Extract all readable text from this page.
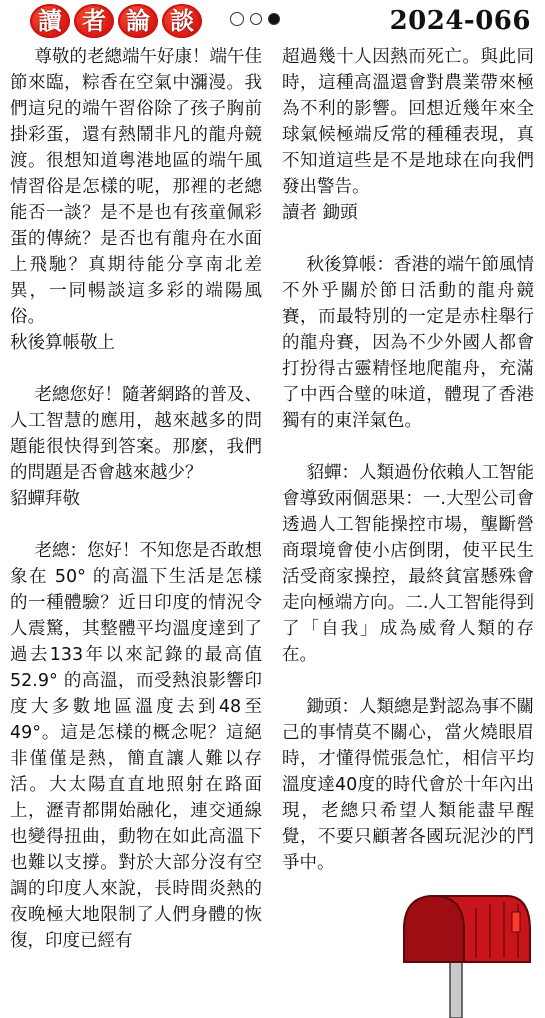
讀 者 論 談	2024-066

尊敬的老總端午好康！端午佳節來臨，粽香在空氣中瀰漫。我們這兒的端午習俗除了孩子胸前掛彩蛋，還有熱鬧非凡的龍舟競渡。很想知道粵港地區的端午風情習俗是怎樣的呢，那裡的老總能否一談？是不是也有孩童佩彩蛋的傳統？是否也有龍舟在水面上飛馳？真期待能分享南北差異，一同暢談這多彩的端陽風俗。

秋後算帳敬上

老總您好！隨著網路的普及、人工智慧的應用，越來越多的問題能很快得到答案。那麼，我們的問題是否會越來越少？

貂蟬拜敬

老總：您好！不知您是否敢想象在 50° 的高溫下生活是怎樣的一種體驗？近日印度的情況令人震驚，其整體平均溫度達到了過去133年以來記錄的最高值52.9° 的高溫，而受熱浪影響印度大多數地區溫度去到48至49°。這是怎樣的概念呢？這絕非僅僅是熱，簡直讓人難以存活。大太陽直直地照射在路面上，瀝青都開始融化，連交通線也變得扭曲，動物在如此高溫下也難以支撐。對於大部分沒有空調的印度人來說，長時間炎熱的夜晚極大地限制了人們身體的恢復，印度已經有

超過幾十人因熱而死亡。與此同時，這種高溫還會對農業帶來極為不利的影響。回想近幾年來全球氣候極端反常的種種表現，真不知道這些是不是地球在向我們發出警告。

讀者 鋤頭

秋後算帳：香港的端午節風情不外乎關於節日活動的龍舟競賽，而最特別的一定是赤柱舉行的龍舟賽，因為不少外國人都會打扮得古靈精怪地爬龍舟，充滿了中西合璧的味道，體現了香港獨有的東洋氣色。

貂蟬：人類過份依賴人工智能會導致兩個惡果：一.大型公司會透過人工智能操控市場，壟斷營商環境會使小店倒閉，使平民生活受商家操控，最終貧富懸殊會走向極端方向。二.人工智能得到了「自我」成為威脅人類的存在。

鋤頭：人類總是對認為事不關己的事情莫不關心，當火燒眼眉時，才懂得慌張急忙，相信平均溫度達40度的時代會於十年內出現，老總只希望人類能盡早醒覺，不要只顧著各國玩泥沙的鬥爭中。
